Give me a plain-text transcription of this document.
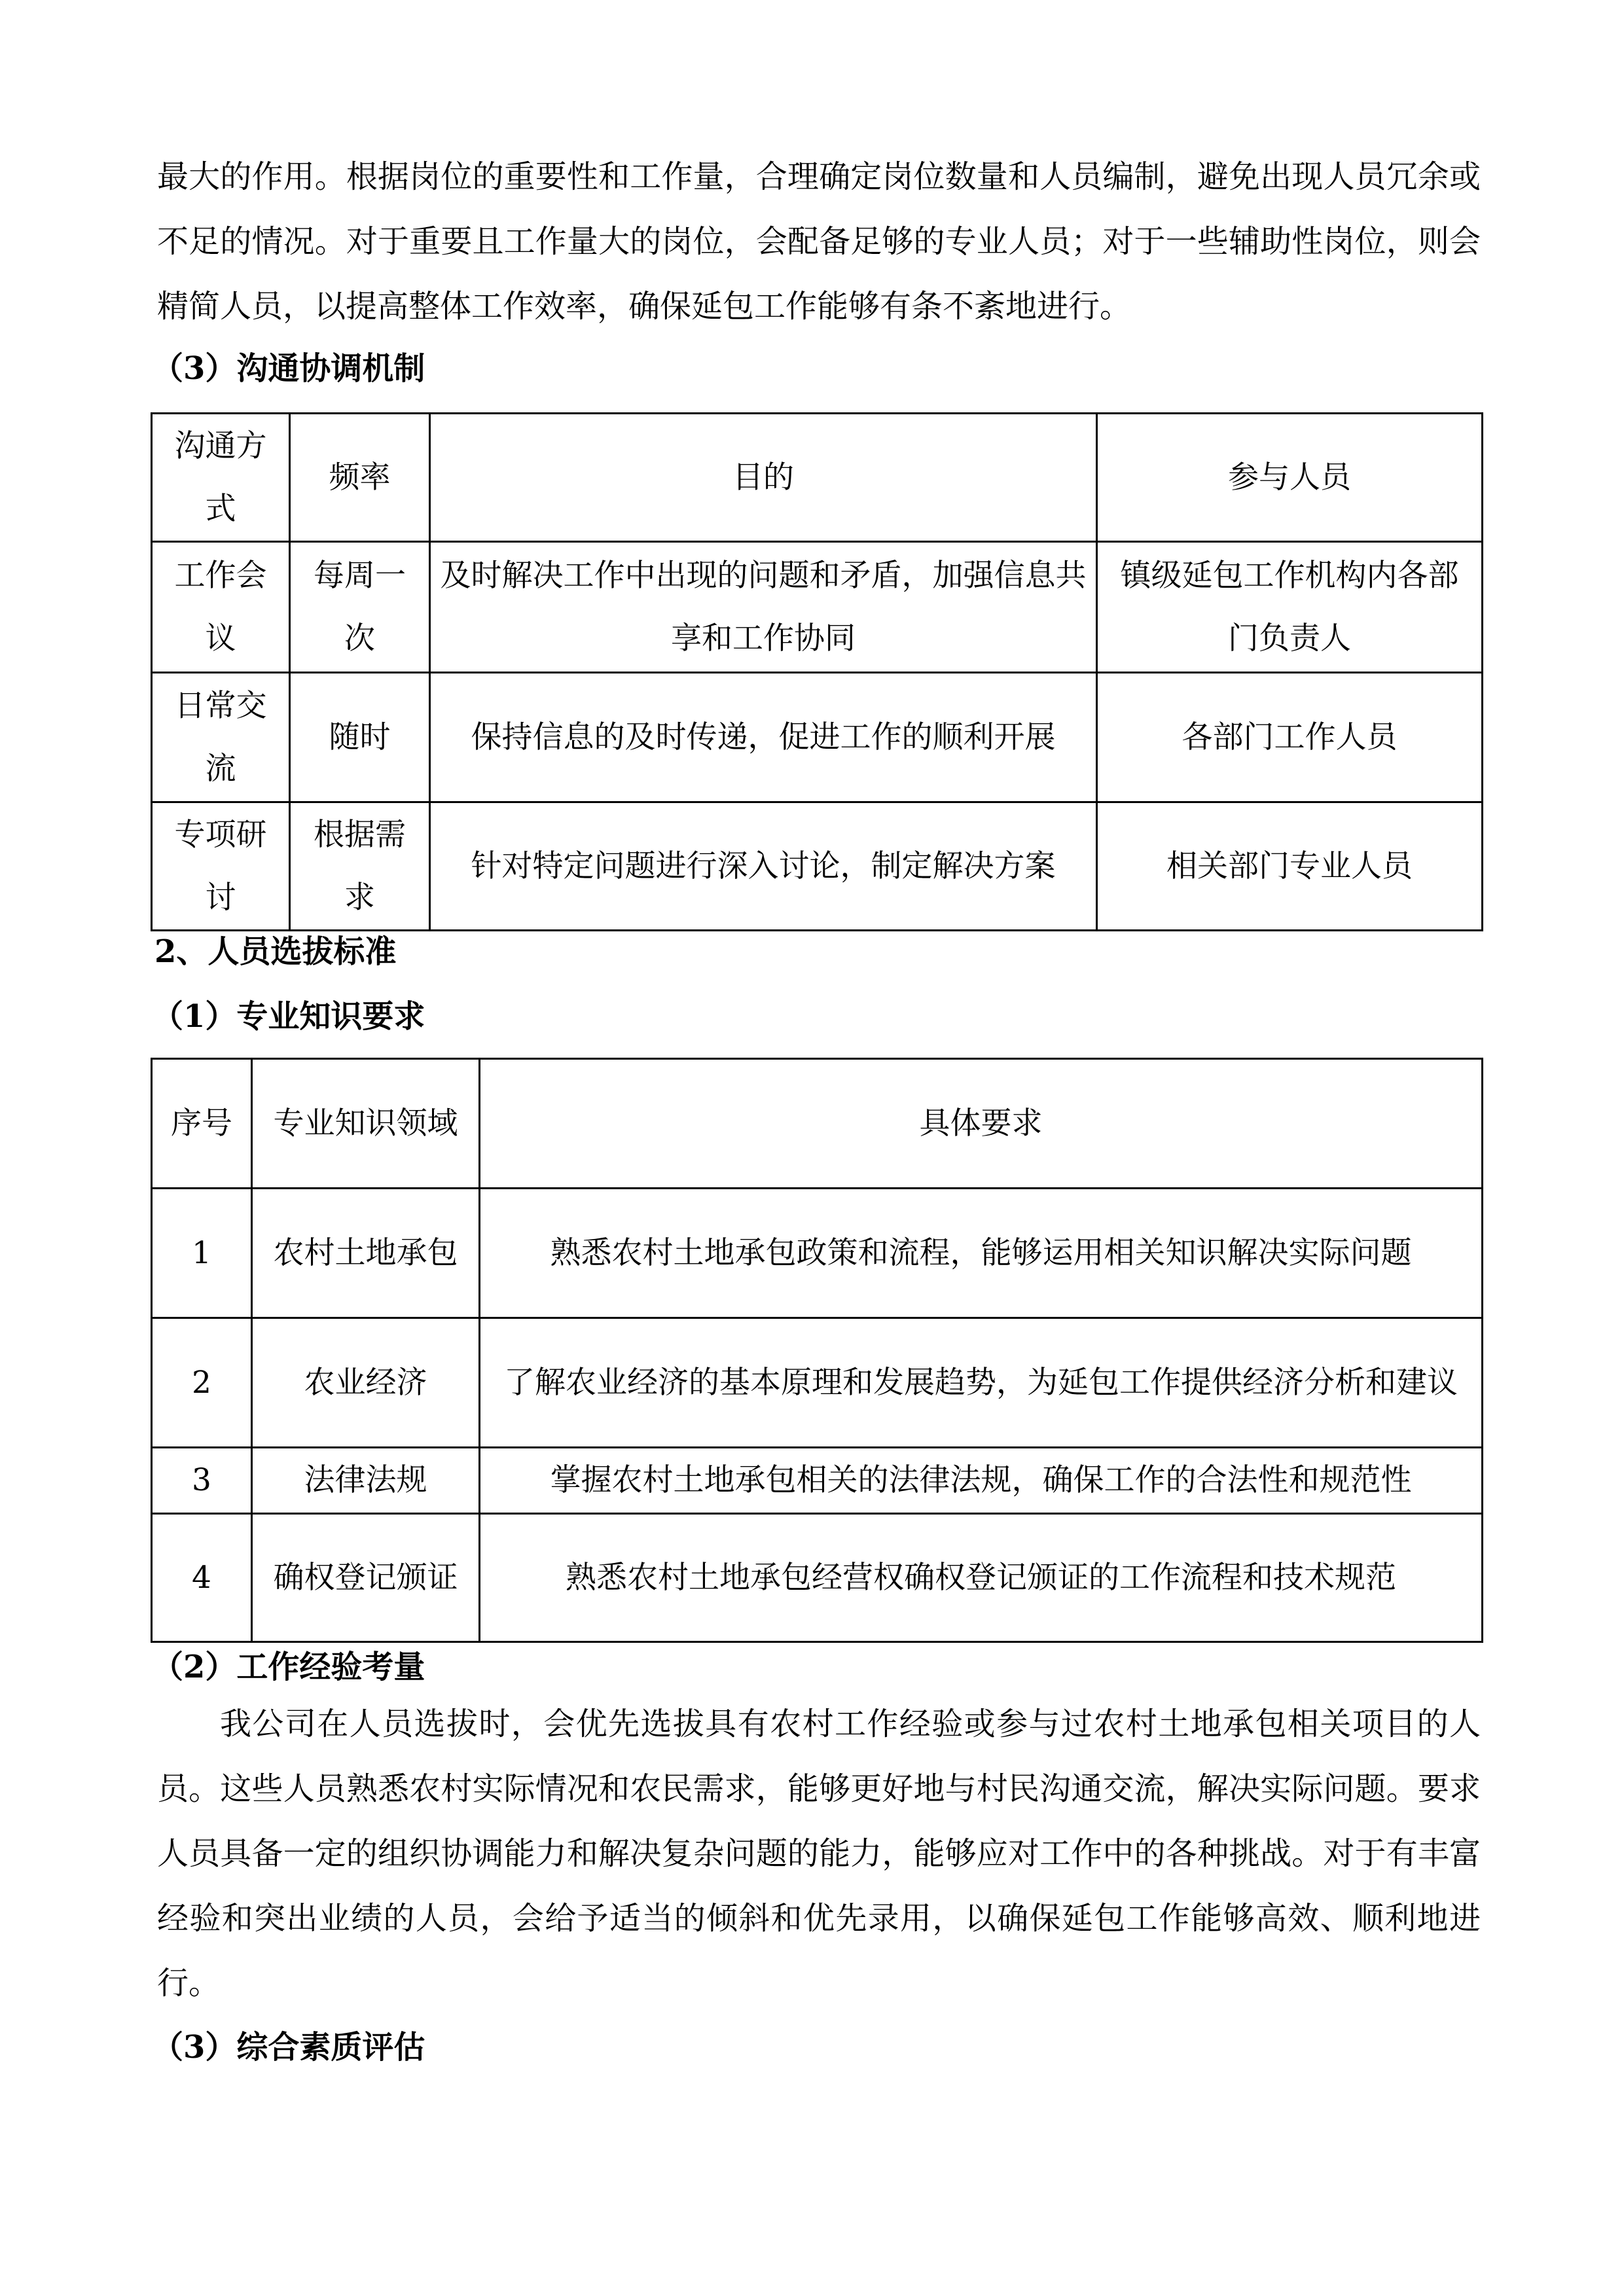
最大的作用。根据岗位的重要性和工作量，合理确定岗位数量和人员编制，避免出现人员冗余或不足的情况。对于重要且工作量大的岗位，会配备足够的专业人员；对于一些辅助性岗位，则会精简人员，以提高整体工作效率，确保延包工作能够有条不紊地进行。
（3）沟通协调机制
沟通方式	频率	目的	参与人员
工作会议	每周一次	及时解决工作中出现的问题和矛盾，加强信息共享和工作协同	镇级延包工作机构内各部门负责人
日常交流	随时	保持信息的及时传递，促进工作的顺利开展	各部门工作人员
专项研讨	根据需求	针对特定问题进行深入讨论，制定解决方案	相关部门专业人员
2、人员选拔标准
（1）专业知识要求
序号	专业知识领域	具体要求
1	农村土地承包	熟悉农村土地承包政策和流程，能够运用相关知识解决实际问题
2	农业经济	了解农业经济的基本原理和发展趋势，为延包工作提供经济分析和建议
3	法律法规	掌握农村土地承包相关的法律法规，确保工作的合法性和规范性
4	确权登记颁证	熟悉农村土地承包经营权确权登记颁证的工作流程和技术规范
（2）工作经验考量
我公司在人员选拔时，会优先选拔具有农村工作经验或参与过农村土地承包相关项目的人员。这些人员熟悉农村实际情况和农民需求，能够更好地与村民沟通交流，解决实际问题。要求人员具备一定的组织协调能力和解决复杂问题的能力，能够应对工作中的各种挑战。对于有丰富经验和突出业绩的人员，会给予适当的倾斜和优先录用，以确保延包工作能够高效、顺利地进行。
（3）综合素质评估
